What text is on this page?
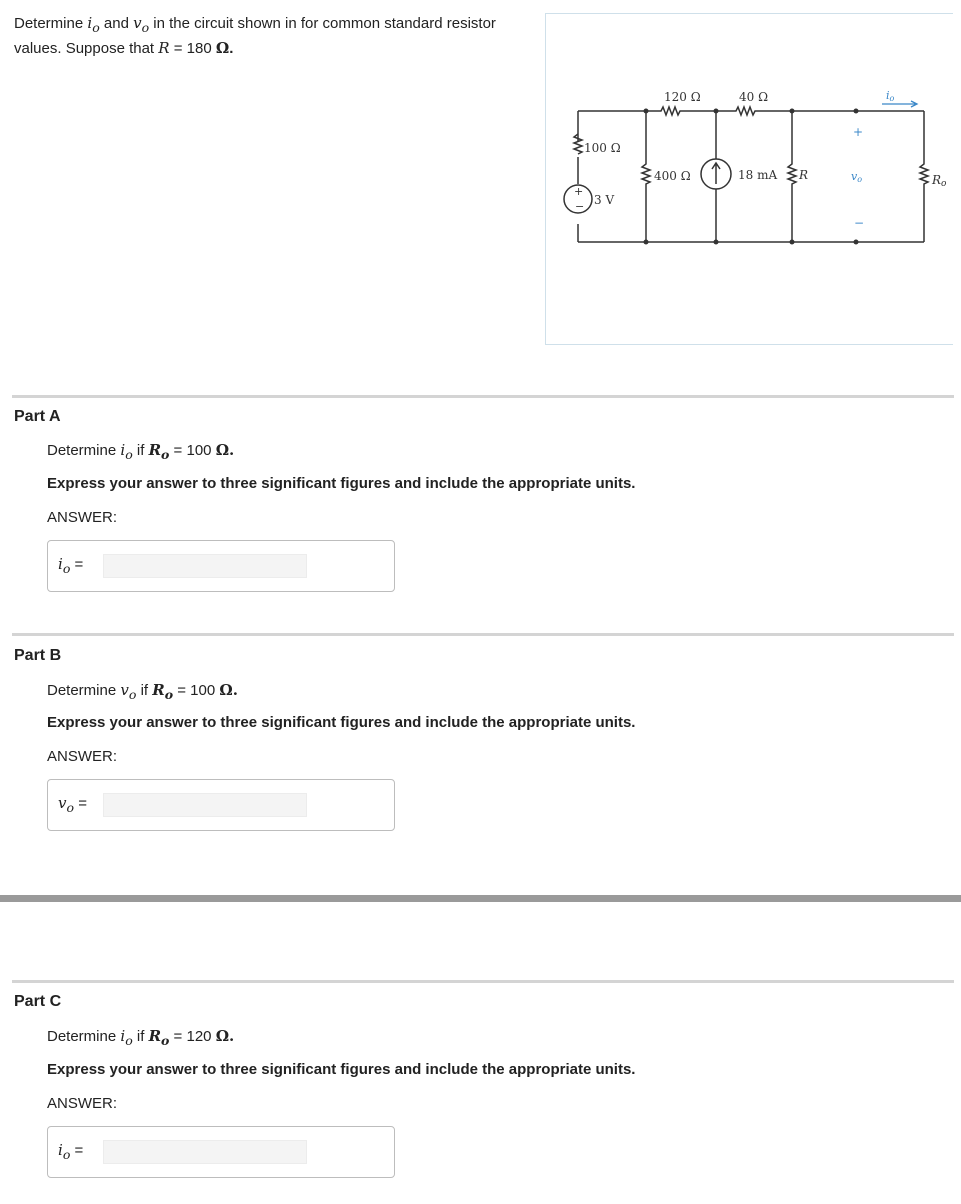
Determine $i_o$ and $v_o$ in the circuit shown in for common standard resistor values. Suppose that R = 180 Ω.
+
−
120 Ω	40 Ω
100 Ω
400 Ω	18 mA R
3 V
+
−
vo
io
Ro
Part A
Determine $i_o$ if $R_o = 100$ Ω.
Express your answer to three significant figures and include the appropriate units.
ANSWER:
$i_o$ =
Part B
Determine $v_o$ if $R_o = 100$ Ω.
Express your answer to three significant figures and include the appropriate units.
ANSWER:
$v_o$ =
Part C
Determine $i_o$ if $R_o = 120$ Ω.
Express your answer to three significant figures and include the appropriate units.
ANSWER:
$i_o$ =
